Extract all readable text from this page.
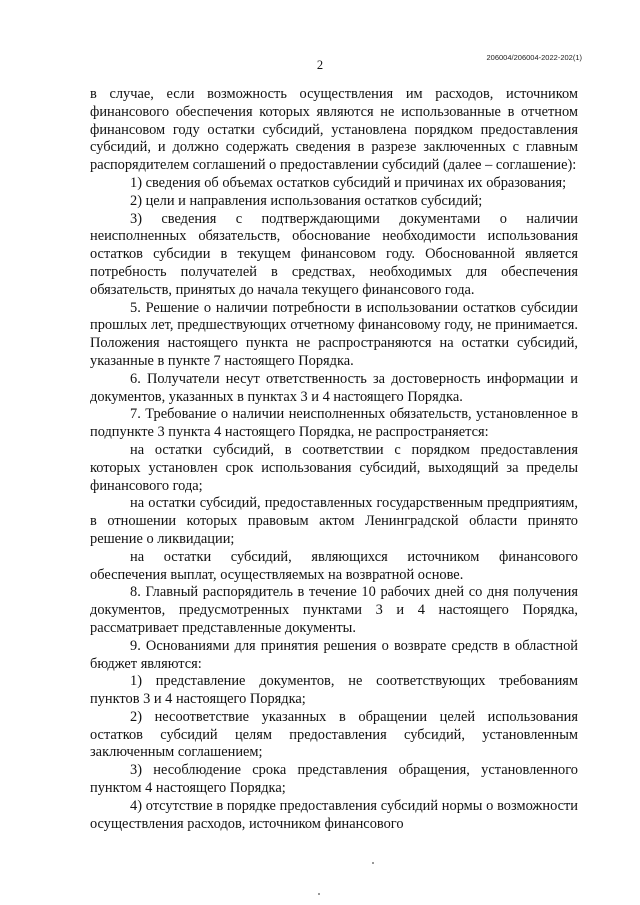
206004/206004-2022-202(1)
2

в случае, если возможность осуществления им расходов, источником финансового обеспечения которых являются не использованные в отчетном финансовом году остатки субсидий, установлена порядком предоставления субсидий, и должно содержать сведения в разрезе заключенных с главным распорядителем соглашений о предоставлении субсидий (далее – соглашение):

1) сведения об объемах остатков субсидий и причинах их образования;

2) цели и направления использования остатков субсидий;

3) сведения с подтверждающими документами о наличии неисполненных обязательств, обоснование необходимости использования остатков субсидии в текущем финансовом году. Обоснованной является потребность получателей в средствах, необходимых для обеспечения обязательств, принятых до начала текущего финансового года.

5. Решение о наличии потребности в использовании остатков субсидии прошлых лет, предшествующих отчетному финансовому году, не принимается. Положения настоящего пункта не распространяются на остатки субсидий, указанные в пункте 7 настоящего Порядка.

6. Получатели несут ответственность за достоверность информации и документов, указанных в пунктах 3 и 4 настоящего Порядка.

7. Требование о наличии неисполненных обязательств, установленное в подпункте 3 пункта 4 настоящего Порядка, не распространяется:

на остатки субсидий, в соответствии с порядком предоставления которых установлен срок использования субсидий, выходящий за пределы финансового года;

на остатки субсидий, предоставленных государственным предприятиям, в отношении которых правовым актом Ленинградской области принято решение о ликвидации;

на остатки субсидий, являющихся источником финансового обеспечения выплат, осуществляемых на возвратной основе.

8. Главный распорядитель в течение 10 рабочих дней со дня получения документов, предусмотренных пунктами 3 и 4 настоящего Порядка, рассматривает представленные документы.

9. Основаниями для принятия решения о возврате средств в областной бюджет являются:

1) представление документов, не соответствующих требованиям пунктов 3 и 4 настоящего Порядка;

2) несоответствие указанных в обращении целей использования остатков субсидий целям предоставления субсидий, установленным заключенным соглашением;

3) несоблюдение срока представления обращения, установленного пунктом 4 настоящего Порядка;

4) отсутствие в порядке предоставления субсидий нормы о возможности осуществления расходов, источником финансового
